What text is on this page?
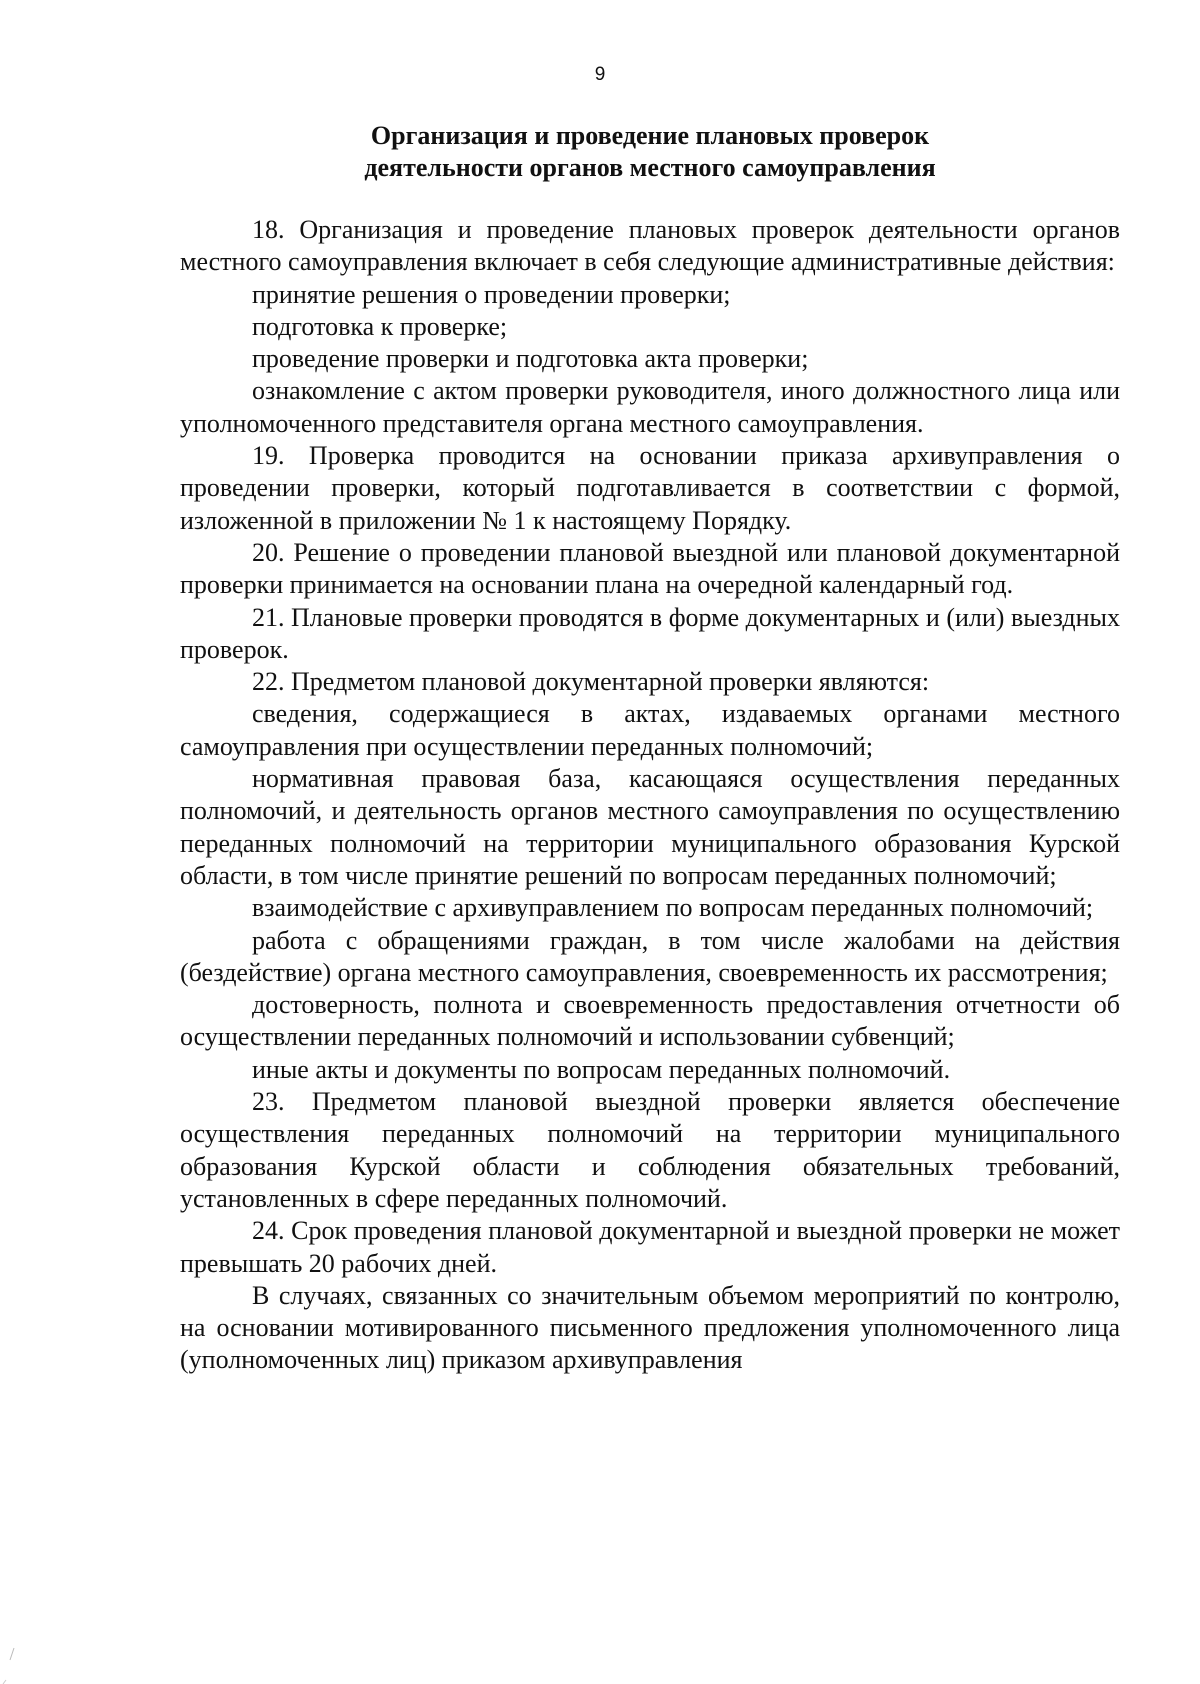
9
Организация и проведение плановых проверок
деятельности органов местного самоуправления

18. Организация и проведение плановых проверок деятельности органов местного самоуправления включает в себя следующие административные действия:

принятие решения о проведении проверки;

подготовка к проверке;

проведение проверки и подготовка акта проверки;

ознакомление с актом проверки руководителя, иного должностного лица или уполномоченного представителя органа местного самоуправления.

19. Проверка проводится на основании приказа архивуправления о проведении проверки, который подготавливается в соответствии с формой, изложенной в приложении № 1 к настоящему Порядку.

20. Решение о проведении плановой выездной или плановой документарной проверки принимается на основании плана на очередной календарный год.

21. Плановые проверки проводятся в форме документарных и (или) выездных проверок.

22. Предметом плановой документарной проверки являются:

сведения, содержащиеся в актах, издаваемых органами местного самоуправления при осуществлении переданных полномочий;

нормативная правовая база, касающаяся осуществления переданных полномочий, и деятельность органов местного самоуправления по осуществлению переданных полномочий на территории муниципального образования Курской области, в том числе принятие решений по вопросам переданных полномочий;

взаимодействие с архивуправлением по вопросам переданных полномочий;

работа с обращениями граждан, в том числе жалобами на действия (бездействие) органа местного самоуправления, своевременность их рассмотрения;

достоверность, полнота и своевременность предоставления отчетности об осуществлении переданных полномочий и использовании субвенций;

иные акты и документы по вопросам переданных полномочий.

23. Предметом плановой выездной проверки является обеспечение осуществления переданных полномочий на территории муниципального образования Курской области и соблюдения обязательных требований, установленных в сфере переданных полномочий.

24. Срок проведения плановой документарной и выездной проверки не может превышать 20 рабочих дней.

В случаях, связанных со значительным объемом мероприятий по контролю, на основании мотивированного письменного предложения уполномоченного лица (уполномоченных лиц) приказом архивуправления
